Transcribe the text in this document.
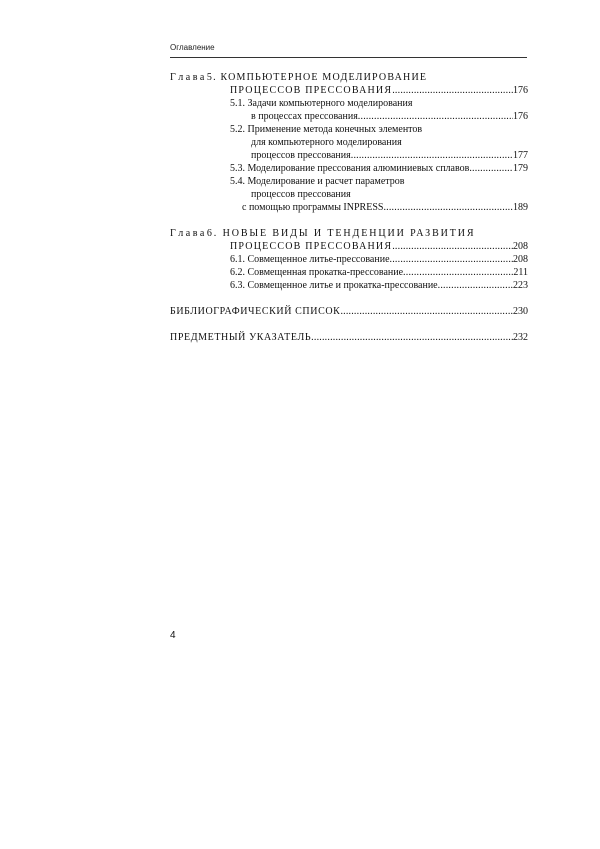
Оглавление
Г л а в а 5. КОМПЬЮТЕРНОЕ МОДЕЛИРОВАНИЕ
ПРОЦЕССОВ ПРЕССОВАНИЯ .....	176
5.1. Задачи компьютерного моделирования
в процессах прессования .....	176
5.2. Применение метода конечных элементов
для компьютерного моделирования
процессов прессования .....	177
5.3. Моделирование прессования алюминиевых сплавов .....	179
5.4. Моделирование и расчет параметров
процессов прессования
с помощью программы INPRESS .....	189
Г л а в а 6. НОВЫЕ ВИДЫ И ТЕНДЕНЦИИ РАЗВИТИЯ
ПРОЦЕССОВ ПРЕССОВАНИЯ .....	208
6.1. Совмещенное литье-прессование .....	208
6.2. Совмещенная прокатка-прессование .....	211
6.3. Совмещенное литье и прокатка-прессование .....	223
БИБЛИОГРАФИЧЕСКИЙ СПИСОК .....	230
ПРЕДМЕТНЫЙ УКАЗАТЕЛЬ .....	232
4
